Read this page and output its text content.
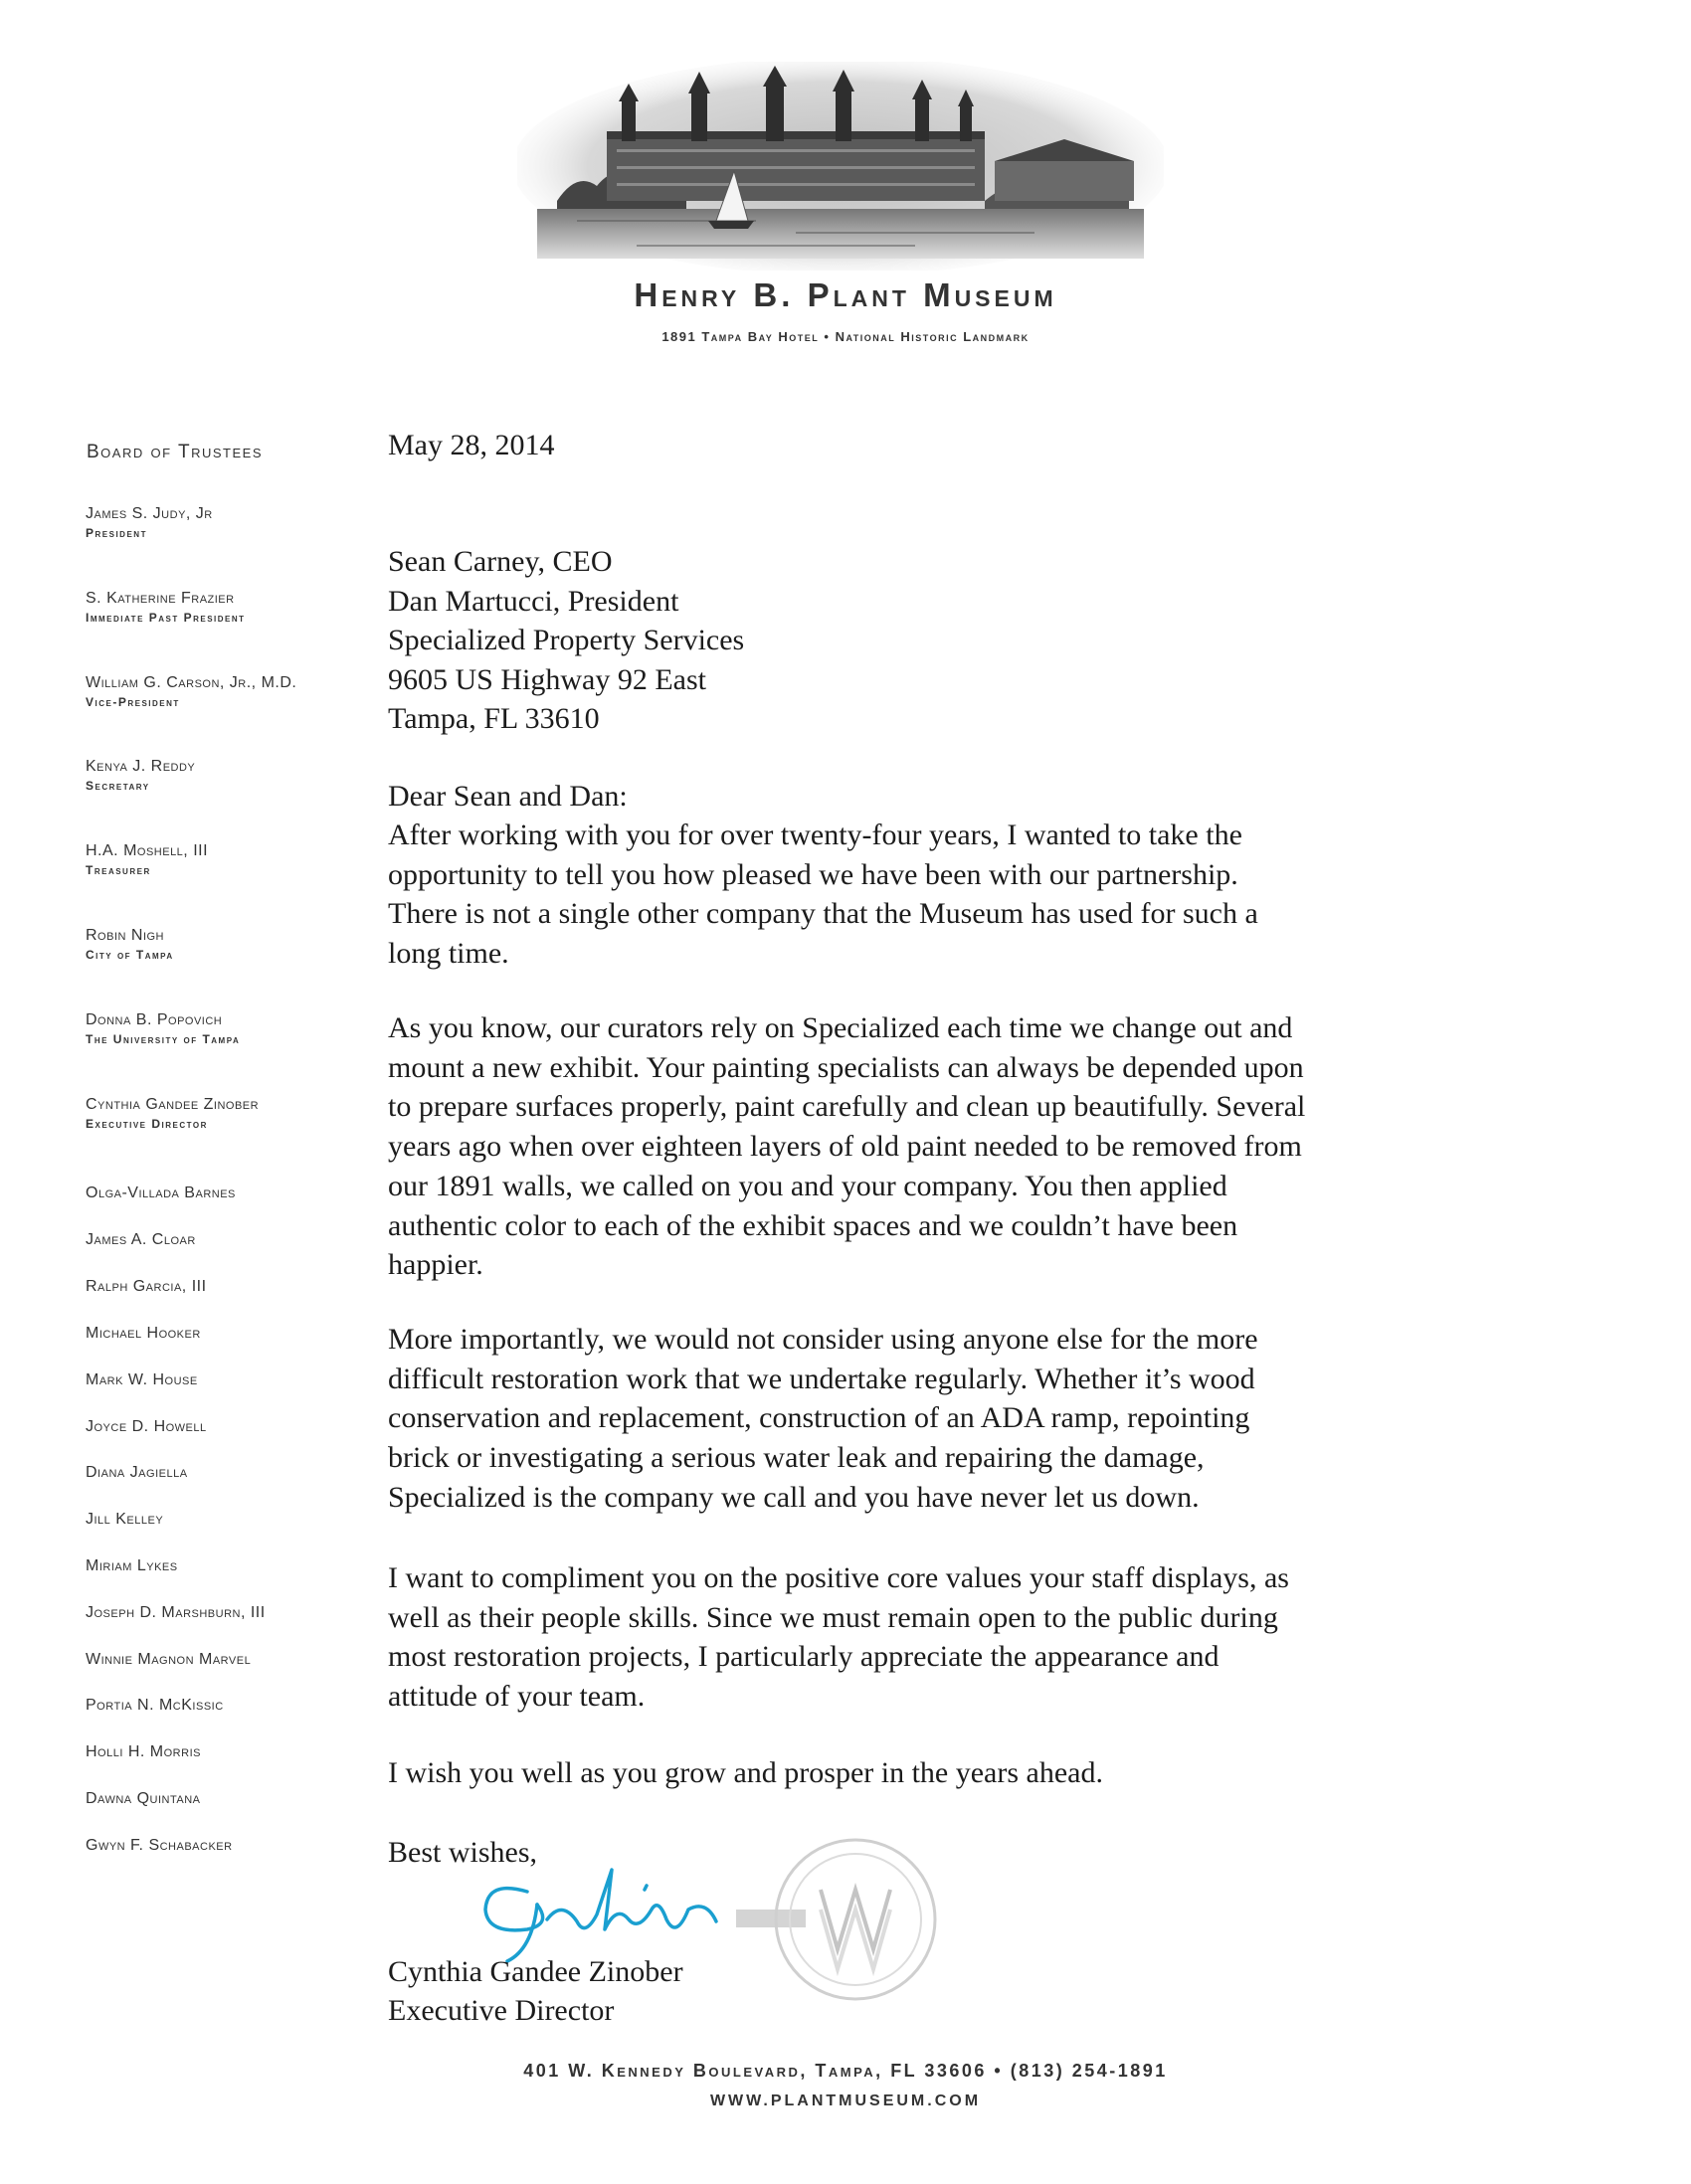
Henry B. Plant Museum
1891 Tampa Bay Hotel • National Historic Landmark
Board of Trustees
James S. Judy, Jr
President
S. Katherine Frazier
Immediate Past President
William G. Carson, Jr., M.D.
Vice-President
Kenya J. Reddy
Secretary
H.A. Moshell, III
Treasurer
Robin Nigh
City of Tampa
Donna B. Popovich
The University of Tampa
Cynthia Gandee Zinober
Executive Director
Olga-Villada Barnes
James A. Cloar
Ralph Garcia, III
Michael Hooker
Mark W. House
Joyce D. Howell
Diana Jagiella
Jill Kelley
Miriam Lykes
Joseph D. Marshburn, III
Winnie Magnon Marvel
Portia N. McKissic
Holli H. Morris
Dawna Quintana
Gwyn F. Schabacker
May 28, 2014
Sean Carney, CEO
Dan Martucci, President
Specialized Property Services
9605 US Highway 92 East
Tampa, FL 33610
Dear Sean and Dan:
After working with you for over twenty-four years, I wanted to take the
opportunity to tell you how pleased we have been with our partnership.
There is not a single other company that the Museum has used for such a
long time.
As you know, our curators rely on Specialized each time we change out and
mount a new exhibit. Your painting specialists can always be depended upon
to prepare surfaces properly, paint carefully and clean up beautifully. Several
years ago when over eighteen layers of old paint needed to be removed from
our 1891 walls, we called on you and your company. You then applied
authentic color to each of the exhibit spaces and we couldn’t have been
happier.
More importantly, we would not consider using anyone else for the more
difficult restoration work that we undertake regularly. Whether it’s wood
conservation and replacement, construction of an ADA ramp, repointing
brick or investigating a serious water leak and repairing the damage,
Specialized is the company we call and you have never let us down.
I want to compliment you on the positive core values your staff displays, as
well as their people skills. Since we must remain open to the public during
most restoration projects, I particularly appreciate the appearance and
attitude of your team.
I wish you well as you grow and prosper in the years ahead.
Best wishes,
Cynthia Gandee Zinober
Executive Director
401 W. Kennedy Boulevard, Tampa, FL 33606 • (813) 254-1891
WWW.PLANTMUSEUM.COM
